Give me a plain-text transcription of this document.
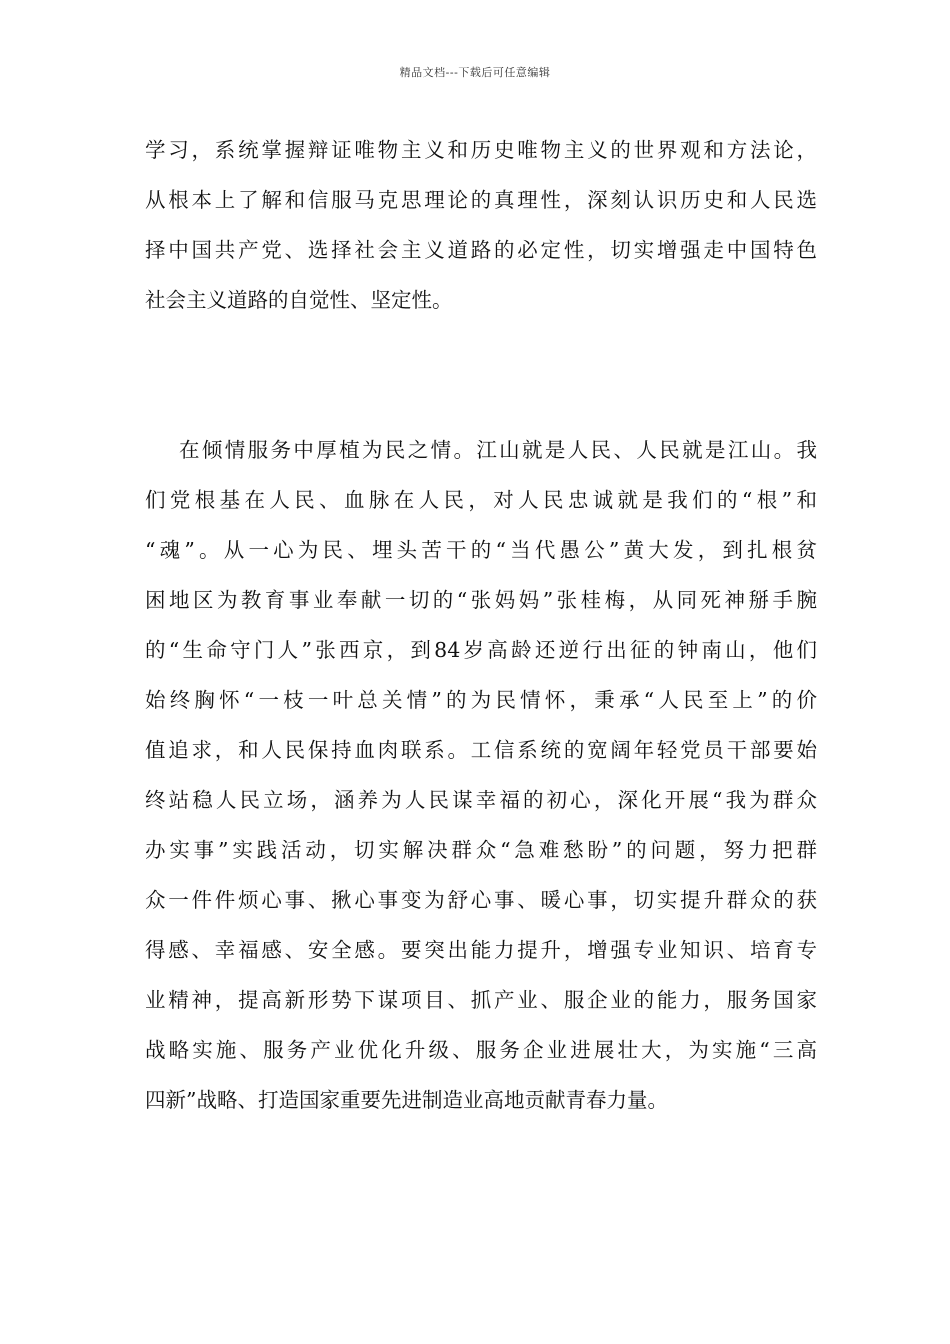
精品文档---下载后可任意编辑
学习，系统掌握辩证唯物主义和历史唯物主义的世界观和方法论，
从根本上了解和信服马克思理论的真理性，深刻认识历史和人民选
择中国共产党、选择社会主义道路的必定性，切实增强走中国特色
社会主义道路的自觉性、坚定性。
在倾情服务中厚植为民之情。江山就是人民、人民就是江山。我
们党根基在人民、血脉在人民，对人民忠诚就是我们的“根”和
“魂”。从一心为民、埋头苦干的“当代愚公”黄大发，到扎根贫
困地区为教育事业奉献一切的“张妈妈”张桂梅，从同死神掰手腕
的“生命守门人”张西京，到84岁高龄还逆行出征的钟南山，他们
始终胸怀“一枝一叶总关情”的为民情怀，秉承“人民至上”的价
值追求，和人民保持血肉联系。工信系统的宽阔年轻党员干部要始
终站稳人民立场，涵养为人民谋幸福的初心，深化开展“我为群众
办实事”实践活动，切实解决群众“急难愁盼”的问题，努力把群
众一件件烦心事、揪心事变为舒心事、暖心事，切实提升群众的获
得感、幸福感、安全感。要突出能力提升，增强专业知识、培育专
业精神，提高新形势下谋项目、抓产业、服企业的能力，服务国家
战略实施、服务产业优化升级、服务企业进展壮大，为实施“三高
四新”战略、打造国家重要先进制造业高地贡献青春力量。
